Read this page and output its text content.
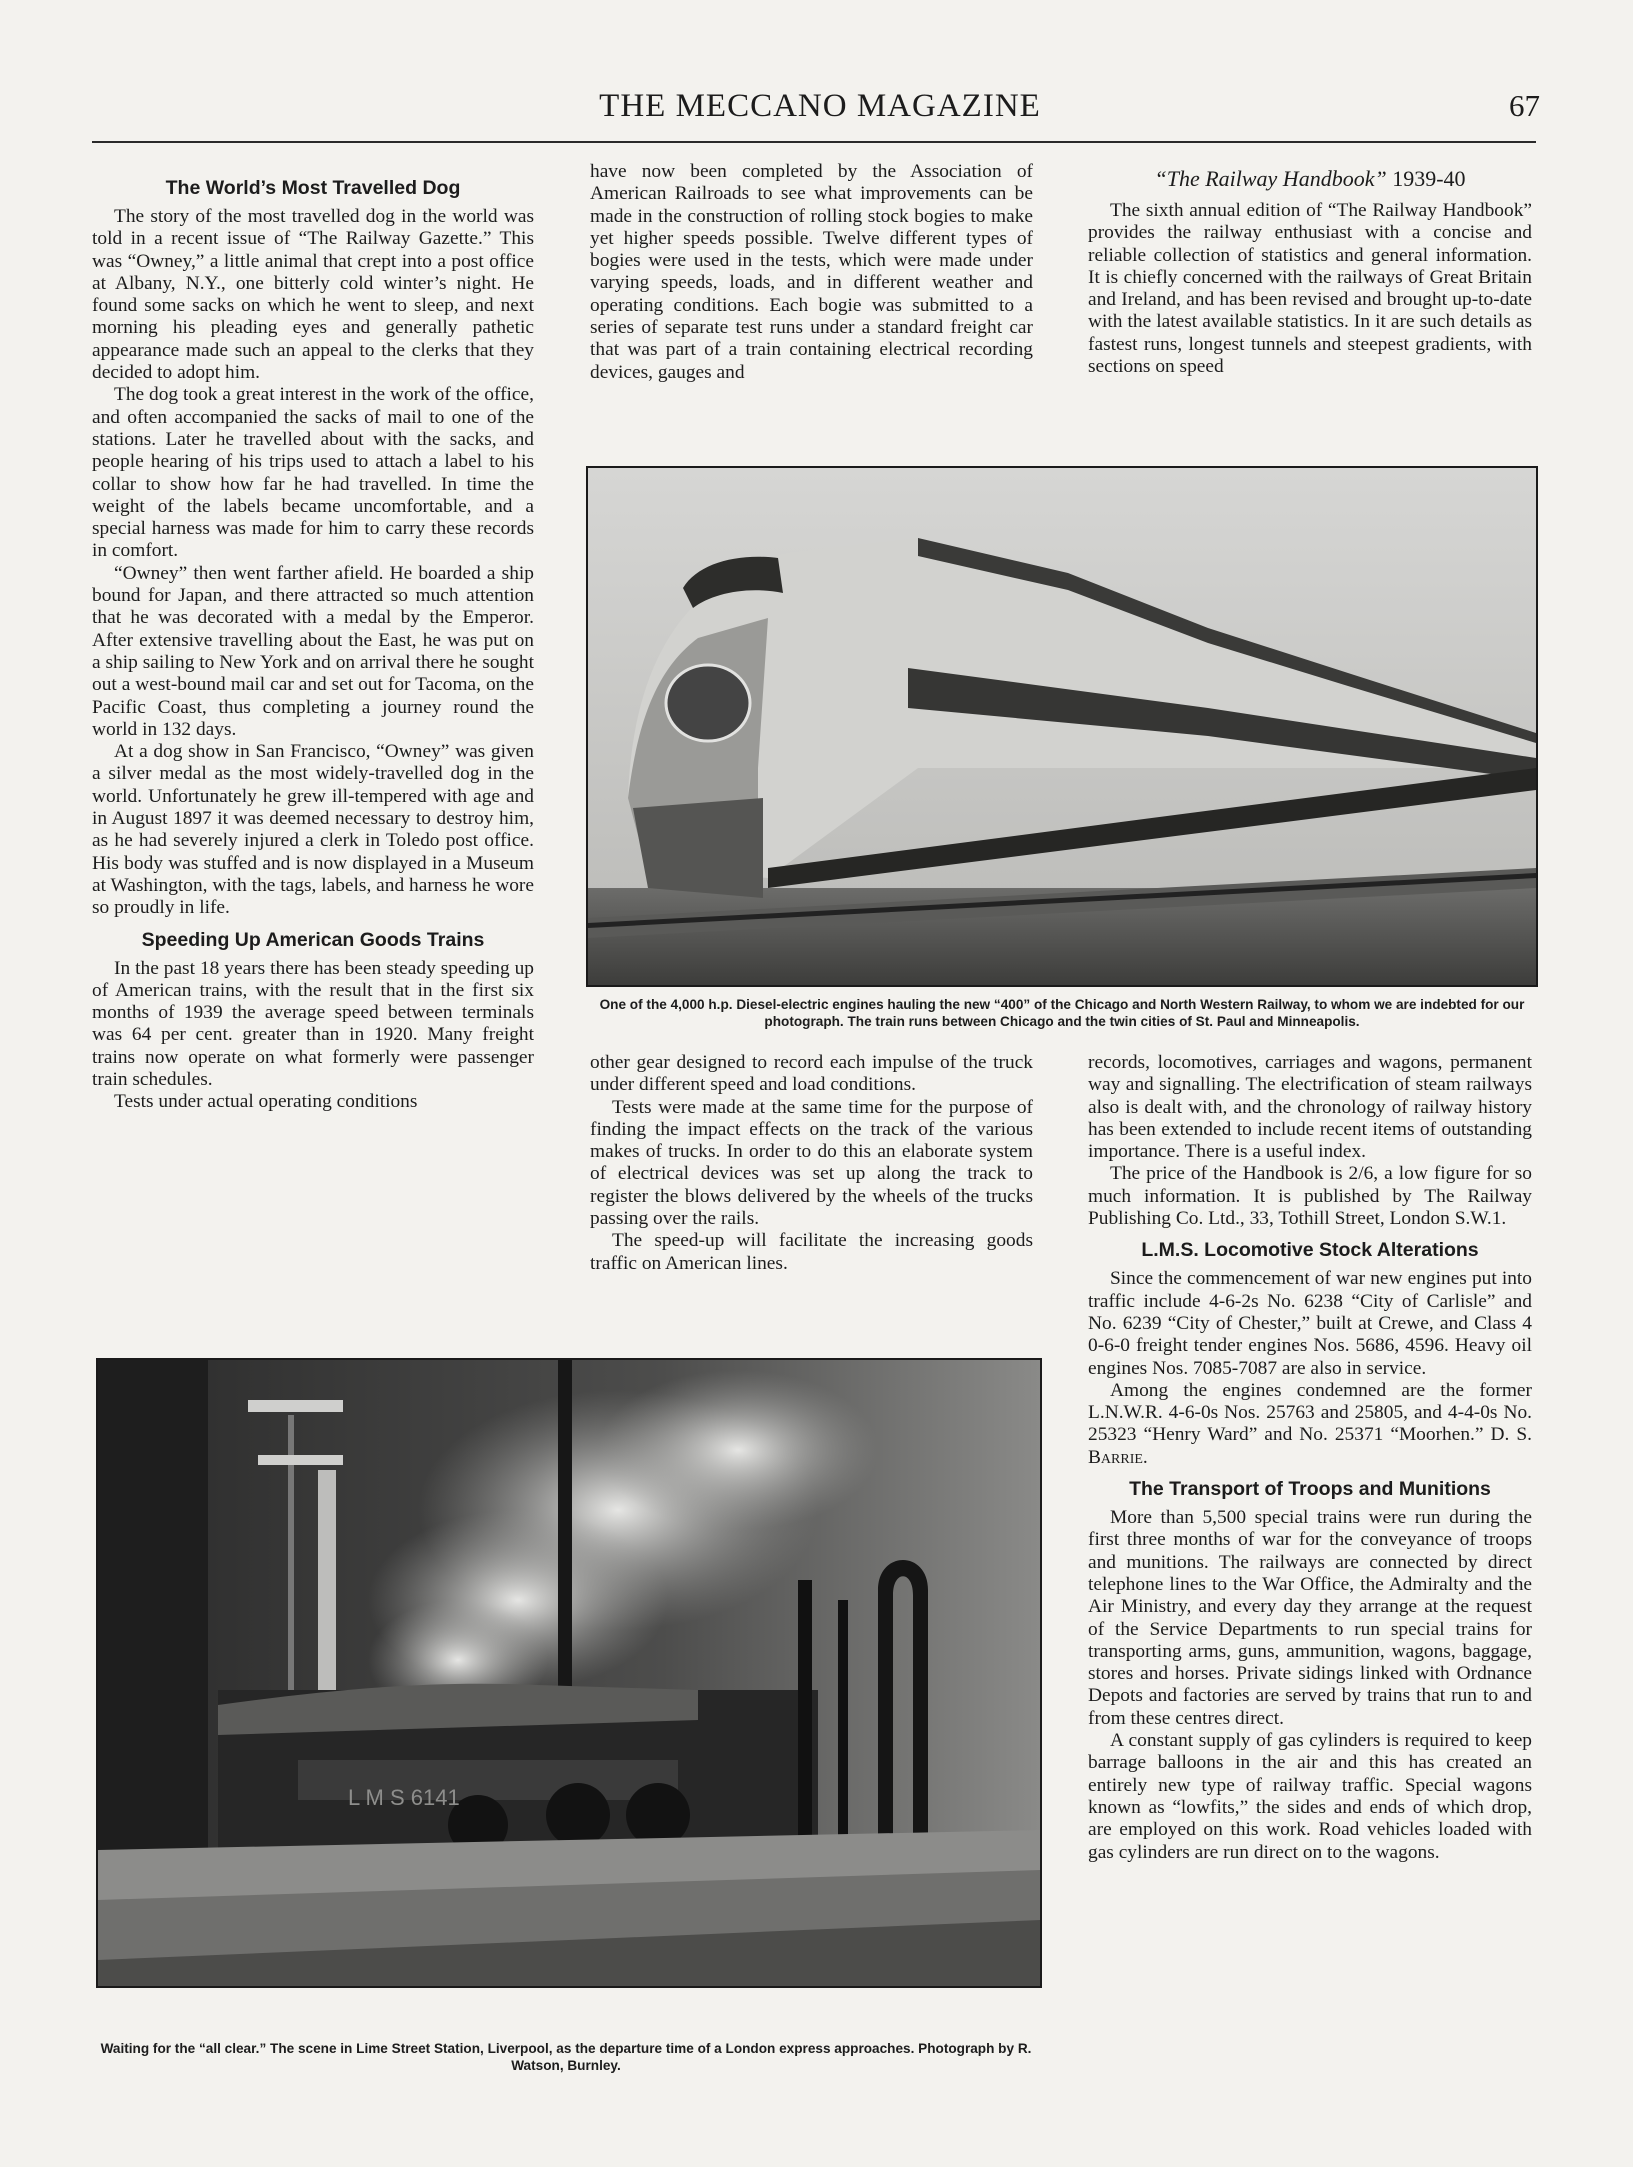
THE MECCANO MAGAZINE	67
The World’s Most Travelled Dog

The story of the most travelled dog in the world was told in a recent issue of “The Railway Gazette.” This was “Owney,” a little animal that crept into a post office at Albany, N.Y., one bitterly cold winter’s night. He found some sacks on which he went to sleep, and next morning his pleading eyes and generally pathetic appearance made such an appeal to the clerks that they decided to adopt him.

The dog took a great interest in the work of the office, and often accompanied the sacks of mail to one of the stations. Later he travelled about with the sacks, and people hearing of his trips used to attach a label to his collar to show how far he had travelled. In time the weight of the labels became uncomfortable, and a special harness was made for him to carry these records in comfort.

“Owney” then went farther afield. He boarded a ship bound for Japan, and there attracted so much attention that he was decorated with a medal by the Emperor. After extensive travelling about the East, he was put on a ship sailing to New York and on arrival there he sought out a west-bound mail car and set out for Tacoma, on the Pacific Coast, thus completing a journey round the world in 132 days.

At a dog show in San Francisco, “Owney” was given a silver medal as the most widely-travelled dog in the world. Unfortunately he grew ill-tempered with age and in August 1897 it was deemed necessary to destroy him, as he had severely injured a clerk in Toledo post office. His body was stuffed and is now displayed in a Museum at Washington, with the tags, labels, and harness he wore so proudly in life.

Speeding Up American Goods Trains

In the past 18 years there has been steady speeding up of American trains, with the result that in the first six months of 1939 the average speed between terminals was 64 per cent. greater than in 1920. Many freight trains now operate on what formerly were passenger train schedules.

Tests under actual operating conditions

have now been completed by the Association of American Railroads to see what improvements can be made in the construction of rolling stock bogies to make yet higher speeds possible. Twelve different types of bogies were used in the tests, which were made under varying speeds, loads, and in different weather and operating conditions. Each bogie was submitted to a series of separate test runs under a standard freight car that was part of a train containing electrical recording devices, gauges and

“The Railway Handbook” 1939-40

The sixth annual edition of “The Railway Handbook” provides the railway enthusiast with a concise and reliable collection of statistics and general information. It is chiefly concerned with the railways of Great Britain and Ireland, and has been revised and brought up-to-date with the latest available statistics. In it are such details as fastest runs, longest tunnels and steepest gradients, with sections on speed

One of the 4,000 h.p. Diesel-electric engines hauling the new “400” of the Chicago and North Western Railway, to whom we are indebted for our photograph. The train runs between Chicago and the twin cities of St. Paul and Minneapolis.

other gear designed to record each impulse of the truck under different speed and load conditions.

Tests were made at the same time for the purpose of finding the impact effects on the track of the various makes of trucks. In order to do this an elaborate system of electrical devices was set up along the track to register the blows delivered by the wheels of the trucks passing over the rails.

The speed-up will facilitate the increasing goods traffic on American lines.

records, locomotives, carriages and wagons, permanent way and signalling. The electrification of steam railways also is dealt with, and the chronology of railway history has been extended to include recent items of outstanding importance. There is a useful index.

The price of the Handbook is 2/6, a low figure for so much information. It is published by The Railway Publishing Co. Ltd., 33, Tothill Street, London S.W.1.

L.M.S. Locomotive Stock Alterations

Since the commencement of war new engines put into traffic include 4-6-2s No. 6238 “City of Carlisle” and No. 6239 “City of Chester,” built at Crewe, and Class 4 0-6-0 freight tender engines Nos. 5686, 4596. Heavy oil engines Nos. 7085-7087 are also in service.

Among the engines condemned are the former L.N.W.R. 4-6-0s Nos. 25763 and 25805, and 4-4-0s No. 25323 “Henry Ward” and No. 25371 “Moorhen.” D. S. Barrie.

The Transport of Troops and Munitions

More than 5,500 special trains were run during the first three months of war for the conveyance of troops and munitions. The railways are connected by direct telephone lines to the War Office, the Admiralty and the Air Ministry, and every day they arrange at the request of the Service Departments to run special trains for transporting arms, guns, ammunition, wagons, baggage, stores and horses. Private sidings linked with Ordnance Depots and factories are served by trains that run to and from these centres direct.

A constant supply of gas cylinders is required to keep barrage balloons in the air and this has created an entirely new type of railway traffic. Special wagons known as “lowfits,” the sides and ends of which drop, are employed on this work. Road vehicles loaded with gas cylinders are run direct on to the wagons.

L M S 6141
Waiting for the “all clear.” The scene in Lime Street Station, Liverpool, as the departure time of a London express approaches. Photograph by R. Watson, Burnley.
